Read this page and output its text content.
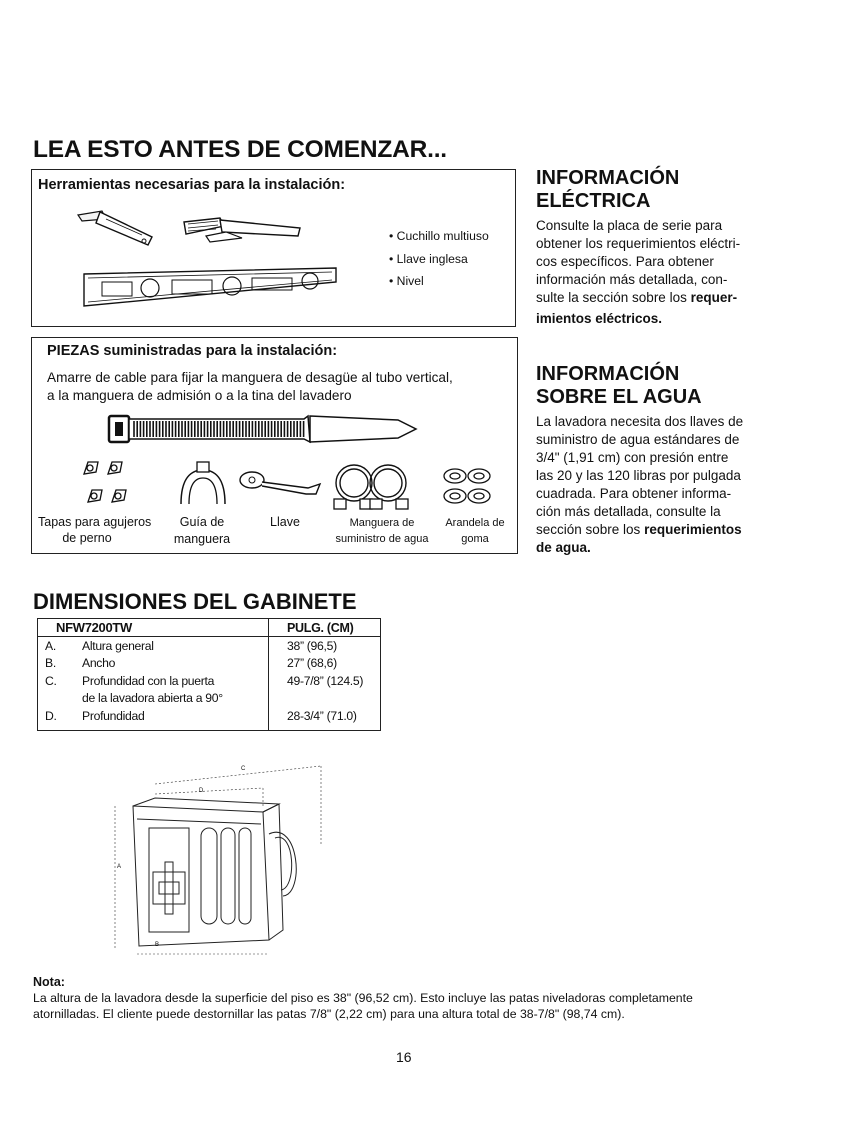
LEA ESTO ANTES DE COMENZAR...
Herramientas necesarias para la instalación:
• Cuchillo multiuso
• Llave inglesa
• Nivel
PIEZAS suministradas para la instalación:
Amarre de cable para fijar la manguera de desagüe al tubo vertical,
a la manguera de admisión o a la tina del lavadero
Tapas para agujeros
de perno
Guía de
manguera
Llave	Manguera de
suministro de agua
Arandela de
goma
INFORMACIÓN
ELÉCTRICA
Consulte la placa de serie para
obtener los requerimientos eléctri-
cos específicos. Para obtener
información más detallada, con-
sulte la sección sobre los requer-
imientos eléctricos.
INFORMACIÓN
SOBRE EL AGUA
La lavadora necesita dos llaves de
suministro de agua estándares de
3/4" (1,91 cm) con presión entre
las 20 y las 120 libras por pulgada
cuadrada. Para obtener informa-
ción más detallada, consulte la
sección sobre los requerimientos
de agua.
DIMENSIONES DEL GABINETE
NFW7200TW	PULG. (CM)
A. Altura general	38” (96,5)
B. Ancho	27” (68,6)
C. Profundidad con la puerta	49-7/8” (124.5)
de la lavadora abierta a 90°
D. Profundidad	28-3/4” (71.0)
C
D
A
B
Nota:
La altura de la lavadora desde la superficie del piso es 38" (96,52 cm). Esto incluye las patas niveladoras completamente
atornilladas. El cliente puede destornillar las patas 7/8" (2,22 cm) para una altura total de 38-7/8" (98,74 cm).
16
